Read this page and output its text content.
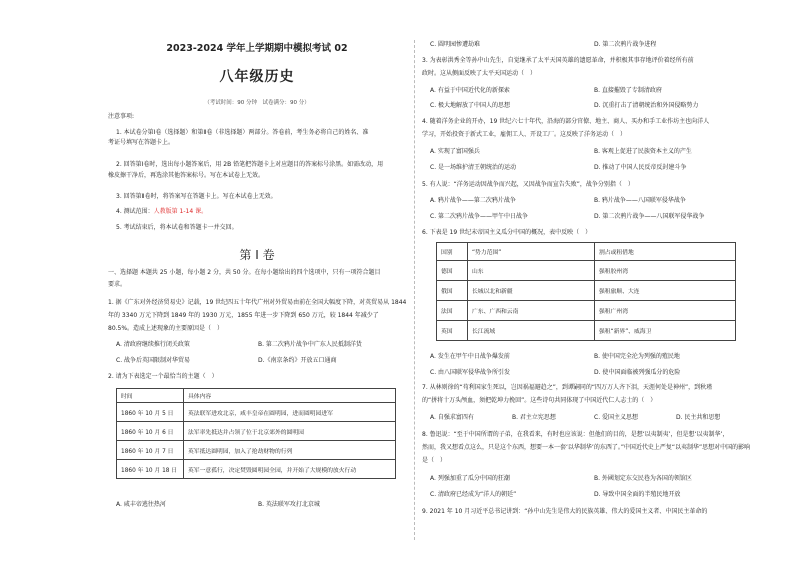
2023-2024 学年上学期期中模拟考试 02
八年级历史
（考试时间：90 分钟　试卷满分：90 分）
注意事项:
1. 本试卷分第Ⅰ卷（选择题）和第Ⅱ卷（非选择题）两部分。答卷前，考生务必将自己的姓名、准
考证号填写在答题卡上。
2. 回答第Ⅰ卷时，选出每小题答案后，用 2B 铅笔把答题卡上对应题目的答案标号涂黑。如需改动，用
橡皮擦干净后，再选涂其他答案标号。写在本试卷上无效。
3. 回答第Ⅱ卷时，将答案写在答题卡上。写在本试卷上无效。
4. 测试范围：人教版第 1-14 课。
5. 考试结束后，将本试卷和答题卡一并交回。
第 Ⅰ 卷
一、选择题 本题共 25 小题，每小题 2 分，共 50 分。在每小题给出的四个选项中，只有一项符合题目
要求。
1. 据《广东对外经济贸易史》记载，19 世纪四五十年代广州对外贸易由前在全国大幅度下降，对英贸易从 1844
年的 3340 万元下降到 1849 年的 1930 万元，1855 年进一步下降到 650 万元，较 1844 年减少了
80.5%。造成上述现象的主要原因是（　）
A. 清政府继续推行闭关政策	B. 第二次鸦片战争中广东人民抵制洋货
C. 战争后英国限制对华贸易	D.《南京条约》开放五口通商
2. 请为下表选定一个最恰当的主题（　）
时间	具体内容
1860 年 10 月 5 日	英法联军进攻北京，咸丰皇帝在圆明园，进而圆明园进军
1860 年 10 月 6 日	法军率先抵达并占领了位于北京郊外的圆明园
1860 年 10 月 7 日	英军抵达圆明园，加入了抢劫财物的行列
1860 年 10 月 18 日	英军一意孤行，决定焚毁圆明园全园，并开始了大规模的放火行动
A. 咸丰帝逃往热河	B. 英法联军攻打北京城
C. 圆明园惨遭劫难	D. 第二次鸦片战争进程
3. 为表彰洪秀全等孙中山先生，自觉继承了太平天国英雄的遗愿革命，并积极其事存地评价着经所有前
政时。这从侧面反映了太平天国运动（　）
A. 有益于中国近代化的新探索	B. 直接摧毁了专制清政府
C. 极大地解放了中国人的思想	D. 沉重打击了清朝统治和外国侵略势力
4. 随着洋务企业的开办，19 世纪六七十年代，沿海的部分官僚、地主、商人、买办和手工业作坊主也向洋人
学习，开始投资于新式工业，雇佣工人、开设工厂。这反映了洋务运动（　）
A. 实现了富国强兵	B. 客观上促进了民族资本主义的产生
C. 是一场维护清王朝统治的运动	D. 推动了中国人民反帝反封建斗争
5. 有人说：“洋务运动因战争而兴起，又因战争而宣告失败”，战争分别指（　）
A. 鸦片战争——第二次鸦片战争	B. 鸦片战争——八国联军侵华战争
C. 第二次鸦片战争——甲午中日战争	D. 第二次鸦片战争——八国联军侵华战争
6. 下表是 19 世纪末帝国主义瓜分中国的概况，表中反映（　）
国别	“势力范围”	割占或租借地
德国	山东	强租胶州湾
俄国	长城以北和新疆	强租旅顺、大连
法国	广东、广西和云南	强租广州湾
英国	长江流域	强租“新界”、威海卫
A. 发生在甲午中日战争爆发前	B. 使中国完全沦为列强的殖民地
C. 由八国联军侵华战争所引发	D. 使中国面临被列强瓜分的危险
7. 从林则徐的“苟利国家生死以，岂因祸福避趋之”，到谭嗣同的“四万万人齐下泪，天涯何处是神州”，到秋瑾
的“拼将十万头颅血，须把乾坤力挽回”。这些诗句共同体现了中国近代仁人志士的（　）
A. 自强求富四有	B. 君主立宪思想	C. 爱国主义思想	D. 民主共和思想
8. 鲁迅说：“至于中国所谓的子弟，在我看来，有时也应该说：但他们的目的，是想‘以夷制夷’，但是想‘以夷制华’，
然而，我又想看点这么，只是这个东西，想要一本一套‘以华制华’的东西了。”中国近代史上严复“以夷制华”思想对中国的影响
是（　）
A. 列强加重了瓜分中国的狂潮	B. 外國划定东交民巷为各国的领馆区
C. 清政府已经成为“洋人的朝廷”	D. 导致中国全面的半殖民地开放
9. 2021 年 10 月习近平总书记讲到：“孙中山先生是伟大的民族英雄、伟大的爱国主义者、中国民主革命的
